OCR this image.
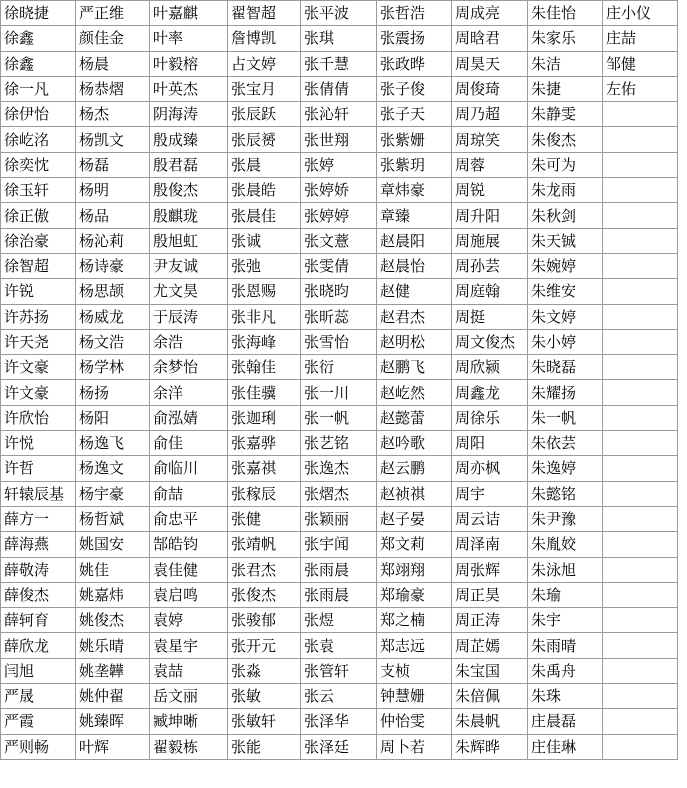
徐晓捷	严正维	叶嘉麒	翟智超	张平波	张哲浩	周成亮	朱佳怡	庄小仪
徐鑫	颜佳金	叶率	詹博凯	张琪	张震扬	周晗君	朱家乐	庄喆
徐鑫	杨晨	叶毅榕	占文婷	张千慧	张政晔	周昊天	朱洁	邹健
徐一凡	杨恭熠	叶英杰	张宝月	张倩倩	张子俊	周俊琦	朱捷	左佑
徐伊怡	杨杰	阴海涛	张辰跃	张沁轩	张子天	周乃超	朱静雯	
徐屹洺	杨凯文	殷成臻	张辰赟	张世翔	张紫姗	周琼笑	朱俊杰	
徐奕忱	杨磊	殷君磊	张晨	张婷	张紫玥	周蓉	朱可为	
徐玉轩	杨明	殷俊杰	张晨皓	张婷娇	章炜豪	周锐	朱龙雨	
徐正傲	杨品	殷麒珑	张晨佳	张婷婷	章臻	周升阳	朱秋剑	
徐治豪	杨沁莉	殷旭虹	张诚	张文薏	赵晨阳	周施展	朱天铖	
徐智超	杨诗豪	尹友诚	张弛	张雯倩	赵晨怡	周孙芸	朱婉婷	
许锐	杨思颉	尤文昊	张恩赐	张晓昀	赵健	周庭翰	朱维安	
许苏扬	杨威龙	于辰涛	张非凡	张昕蕊	赵君杰	周挺	朱文婷	
许天尧	杨文浩	余浩	张海峰	张雪怡	赵明松	周文俊杰	朱小婷	
许文豪	杨学林	余梦怡	张翰佳	张衍	赵鹏飞	周欣颍	朱晓磊	
许文豪	杨扬	余洋	张佳骥	张一川	赵屹然	周鑫龙	朱耀扬	
许欣怡	杨阳	俞泓婧	张迦琍	张一帆	赵懿蕾	周徐乐	朱一帆	
许悦	杨逸飞	俞佳	张嘉骅	张艺铭	赵吟歌	周阳	朱依芸	
许哲	杨逸文	俞临川	张嘉祺	张逸杰	赵云鹏	周亦枫	朱逸婷	
轩辕辰基	杨宇豪	俞喆	张稼辰	张熠杰	赵祯祺	周宇	朱懿铭	
薛方一	杨哲斌	俞忠平	张健	张颖丽	赵子晏	周云诘	朱尹豫	
薛海燕	姚国安	郜皓钧	张靖帆	张宇闻	郑文莉	周泽南	朱胤姣	
薛敬涛	姚佳	袁佳健	张君杰	张雨晨	郑翊翔	周张辉	朱泳旭	
薛俊杰	姚嘉炜	袁启鸣	张俊杰	张雨晨	郑瑜豪	周正昊	朱瑜	
薛轲育	姚俊杰	袁婷	张骏郁	张煜	郑之楠	周正涛	朱宇	
薛欣龙	姚乐晴	袁星宇	张开元	张袁	郑志远	周芷嫣	朱雨晴	
闫旭	姚垄韡	袁喆	张淼	张管轩	支桢	朱宝国	朱禹舟	
严晟	姚仲翟	岳文丽	张敏	张云	钟慧姗	朱倍佩	朱珠	
严霞	姚臻晖	臧坤晰	张敏轩	张泽华	仲怡雯	朱晨帆	庄晨磊	
严则畅	叶辉	翟毅栋	张能	张泽廷	周卜若	朱辉晔	庄佳琳	
